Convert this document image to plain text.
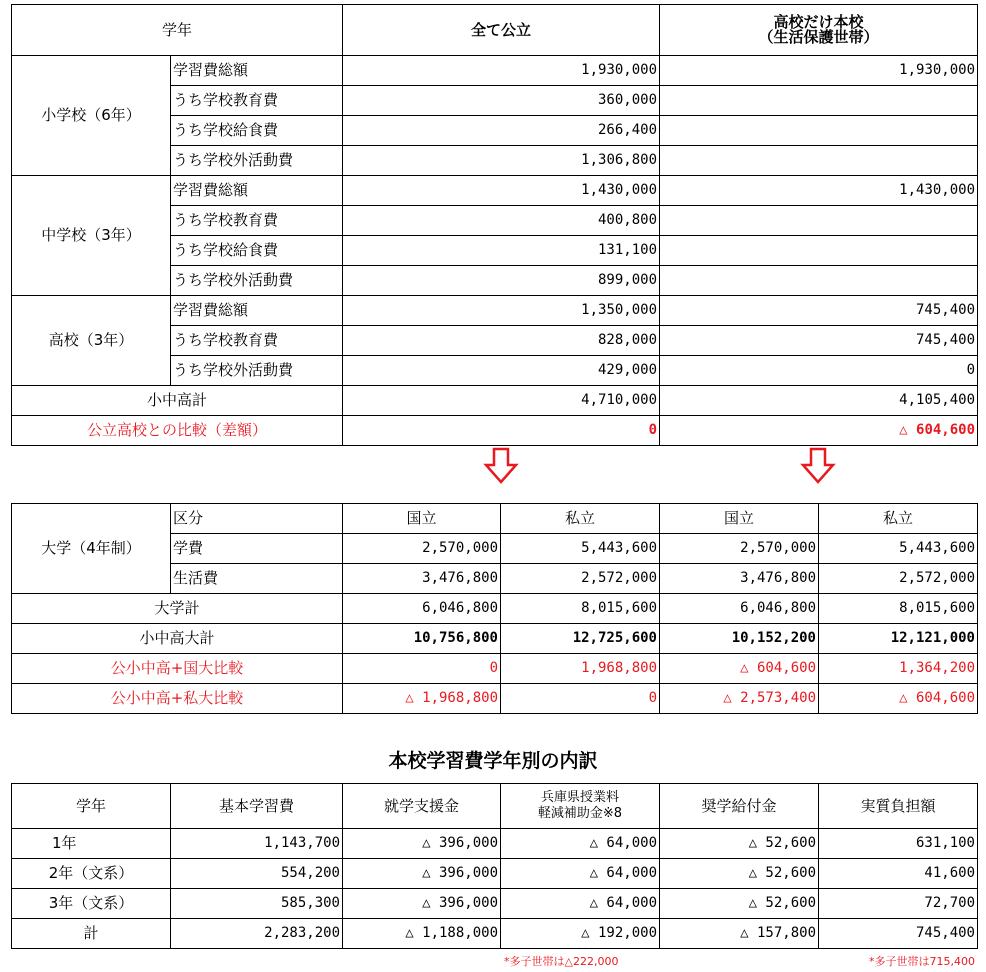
学年		全て公立	高校だけ本校
（生活保護世帯）
小学校（6年）	学習費総額	1,930,000	1,930,000
	うち学校教育費	360,000	
	うち学校給食費	266,400	
	うち学校外活動費	1,306,800	
中学校（3年）	学習費総額	1,430,000	1,430,000
	うち学校教育費	400,800	
	うち学校給食費	131,100	
	うち学校外活動費	899,000	
高校（3年）	学習費総額	1,350,000	745,400
	うち学校教育費	828,000	745,400
	うち学校外活動費	429,000	0
小中高計		4,710,000	4,105,400
公立高校との比較（差額）		0	△ 604,600
大学（4年制）	区分	国立	私立	国立	私立
	学費	2,570,000	5,443,600	2,570,000	5,443,600
	生活費	3,476,800	2,572,000	3,476,800	2,572,000
大学計		6,046,800	8,015,600	6,046,800	8,015,600
小中高大計		10,756,800	12,725,600	10,152,200	12,121,000
公小中高+国大比較		0	1,968,800	△ 604,600	1,364,200
公小中高+私大比較		△ 1,968,800	0	△ 2,573,400	△ 604,600
本校学習費学年別の内訳
学年	基本学習費	就学支援金	兵庫県授業料
軽減補助金※8	奨学給付金	実質負担額
1年	1,143,700	△ 396,000	△ 64,000	△ 52,600	631,100
2年（文系）	554,200	△ 396,000	△ 64,000	△ 52,600	41,600
3年（文系）	585,300	△ 396,000	△ 64,000	△ 52,600	72,700
計	2,283,200	△ 1,188,000	△ 192,000	△ 157,800	745,400
*多子世帯は△222,000	*多子世帯は715,400
